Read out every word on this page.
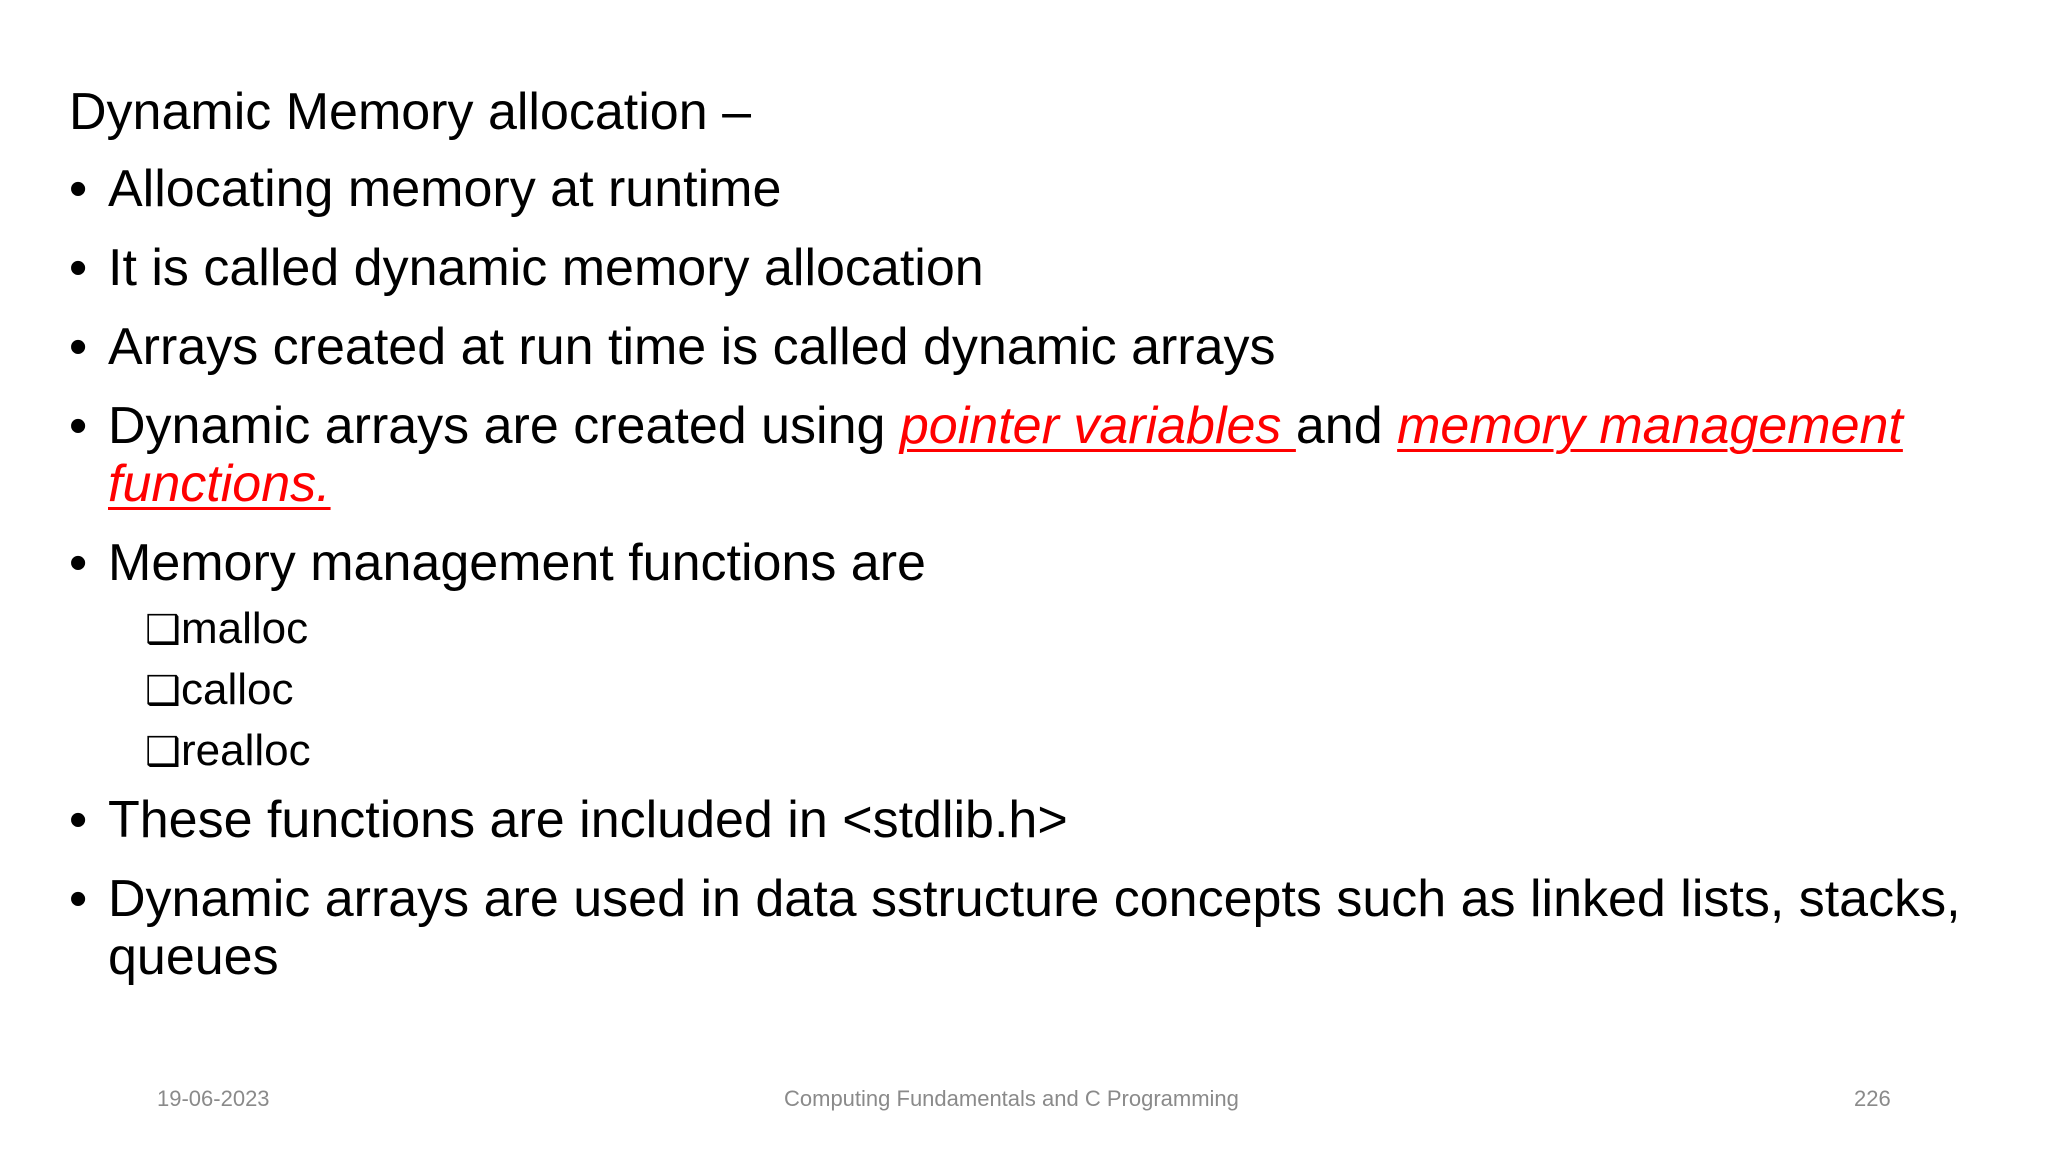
Dynamic Memory allocation –
• Allocating memory at runtime
• It is called dynamic memory allocation
• Arrays created at run time is called dynamic arrays
• Dynamic arrays are created using pointer variables and memory management functions.
• Memory management functions are
❑malloc
❑calloc
❑realloc
• These functions are included in <stdlib.h>
• Dynamic arrays are used in data sstructure concepts such as linked lists, stacks, queues
19-06-2023	Computing Fundamentals and C Programming	226
